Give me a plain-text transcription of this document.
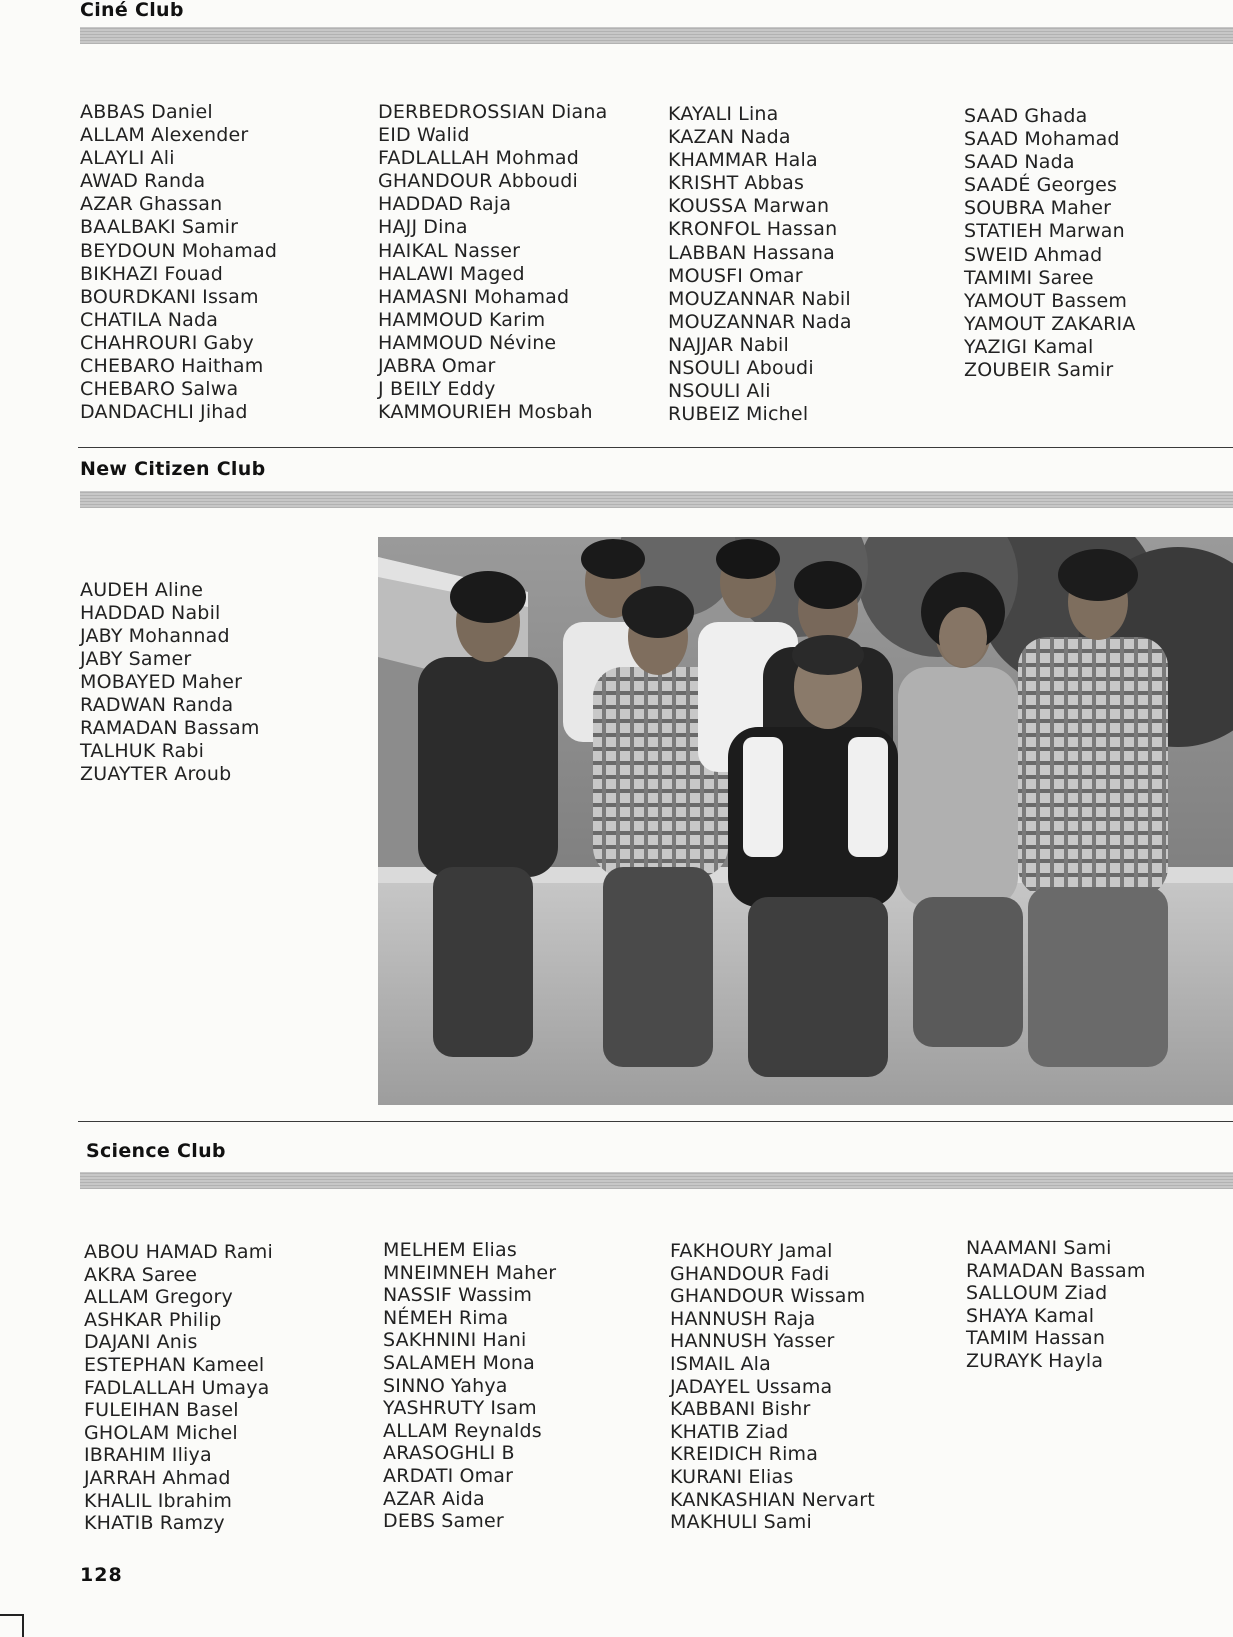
Ciné Club
ABBAS Daniel
ALLAM Alexender
ALAYLI Ali
AWAD Randa
AZAR Ghassan
BAALBAKI Samir
BEYDOUN Mohamad
BIKHAZI Fouad
BOURDKANI Issam
CHATILA Nada
CHAHROURI Gaby
CHEBARO Haitham
CHEBARO Salwa
DANDACHLI Jihad
DERBEDROSSIAN Diana
EID Walid
FADLALLAH Mohmad
GHANDOUR Abboudi
HADDAD Raja
HAJJ Dina
HAIKAL Nasser
HALAWI Maged
HAMASNI Mohamad
HAMMOUD Karim
HAMMOUD Névine
JABRA Omar
J BEILY Eddy
KAMMOURIEH Mosbah
KAYALI Lina
KAZAN Nada
KHAMMAR Hala
KRISHT Abbas
KOUSSA Marwan
KRONFOL Hassan
LABBAN Hassana
MOUSFI Omar
MOUZANNAR Nabil
MOUZANNAR Nada
NAJJAR Nabil
NSOULI Aboudi
NSOULI Ali
RUBEIZ Michel
SAAD Ghada
SAAD Mohamad
SAAD Nada
SAADÉ Georges
SOUBRA Maher
STATIEH Marwan
SWEID Ahmad
TAMIMI Saree
YAMOUT Bassem
YAMOUT ZAKARIA
YAZIGI Kamal
ZOUBEIR Samir
New Citizen Club
AUDEH Aline
HADDAD Nabil
JABY Mohannad
JABY Samer
MOBAYED Maher
RADWAN Randa
RAMADAN Bassam
TALHUK Rabi
ZUAYTER Aroub
Science Club
ABOU HAMAD Rami
AKRA Saree
ALLAM Gregory
ASHKAR Philip
DAJANI Anis
ESTEPHAN Kameel
FADLALLAH Umaya
FULEIHAN Basel
GHOLAM Michel
IBRAHIM Iliya
JARRAH Ahmad
KHALIL Ibrahim
KHATIB Ramzy
MELHEM Elias
MNEIMNEH Maher
NASSIF Wassim
NÉMEH Rima
SAKHNINI Hani
SALAMEH Mona
SINNO Yahya
YASHRUTY Isam
ALLAM Reynalds
ARASOGHLI B
ARDATI Omar
AZAR Aida
DEBS Samer
FAKHOURY Jamal
GHANDOUR Fadi
GHANDOUR Wissam
HANNUSH Raja
HANNUSH Yasser
ISMAIL Ala
JADAYEL Ussama
KABBANI Bishr
KHATIB Ziad
KREIDICH Rima
KURANI Elias
KANKASHIAN Nervart
MAKHULI Sami
NAAMANI Sami
RAMADAN Bassam
SALLOUM Ziad
SHAYA Kamal
TAMIM Hassan
ZURAYK Hayla

128
